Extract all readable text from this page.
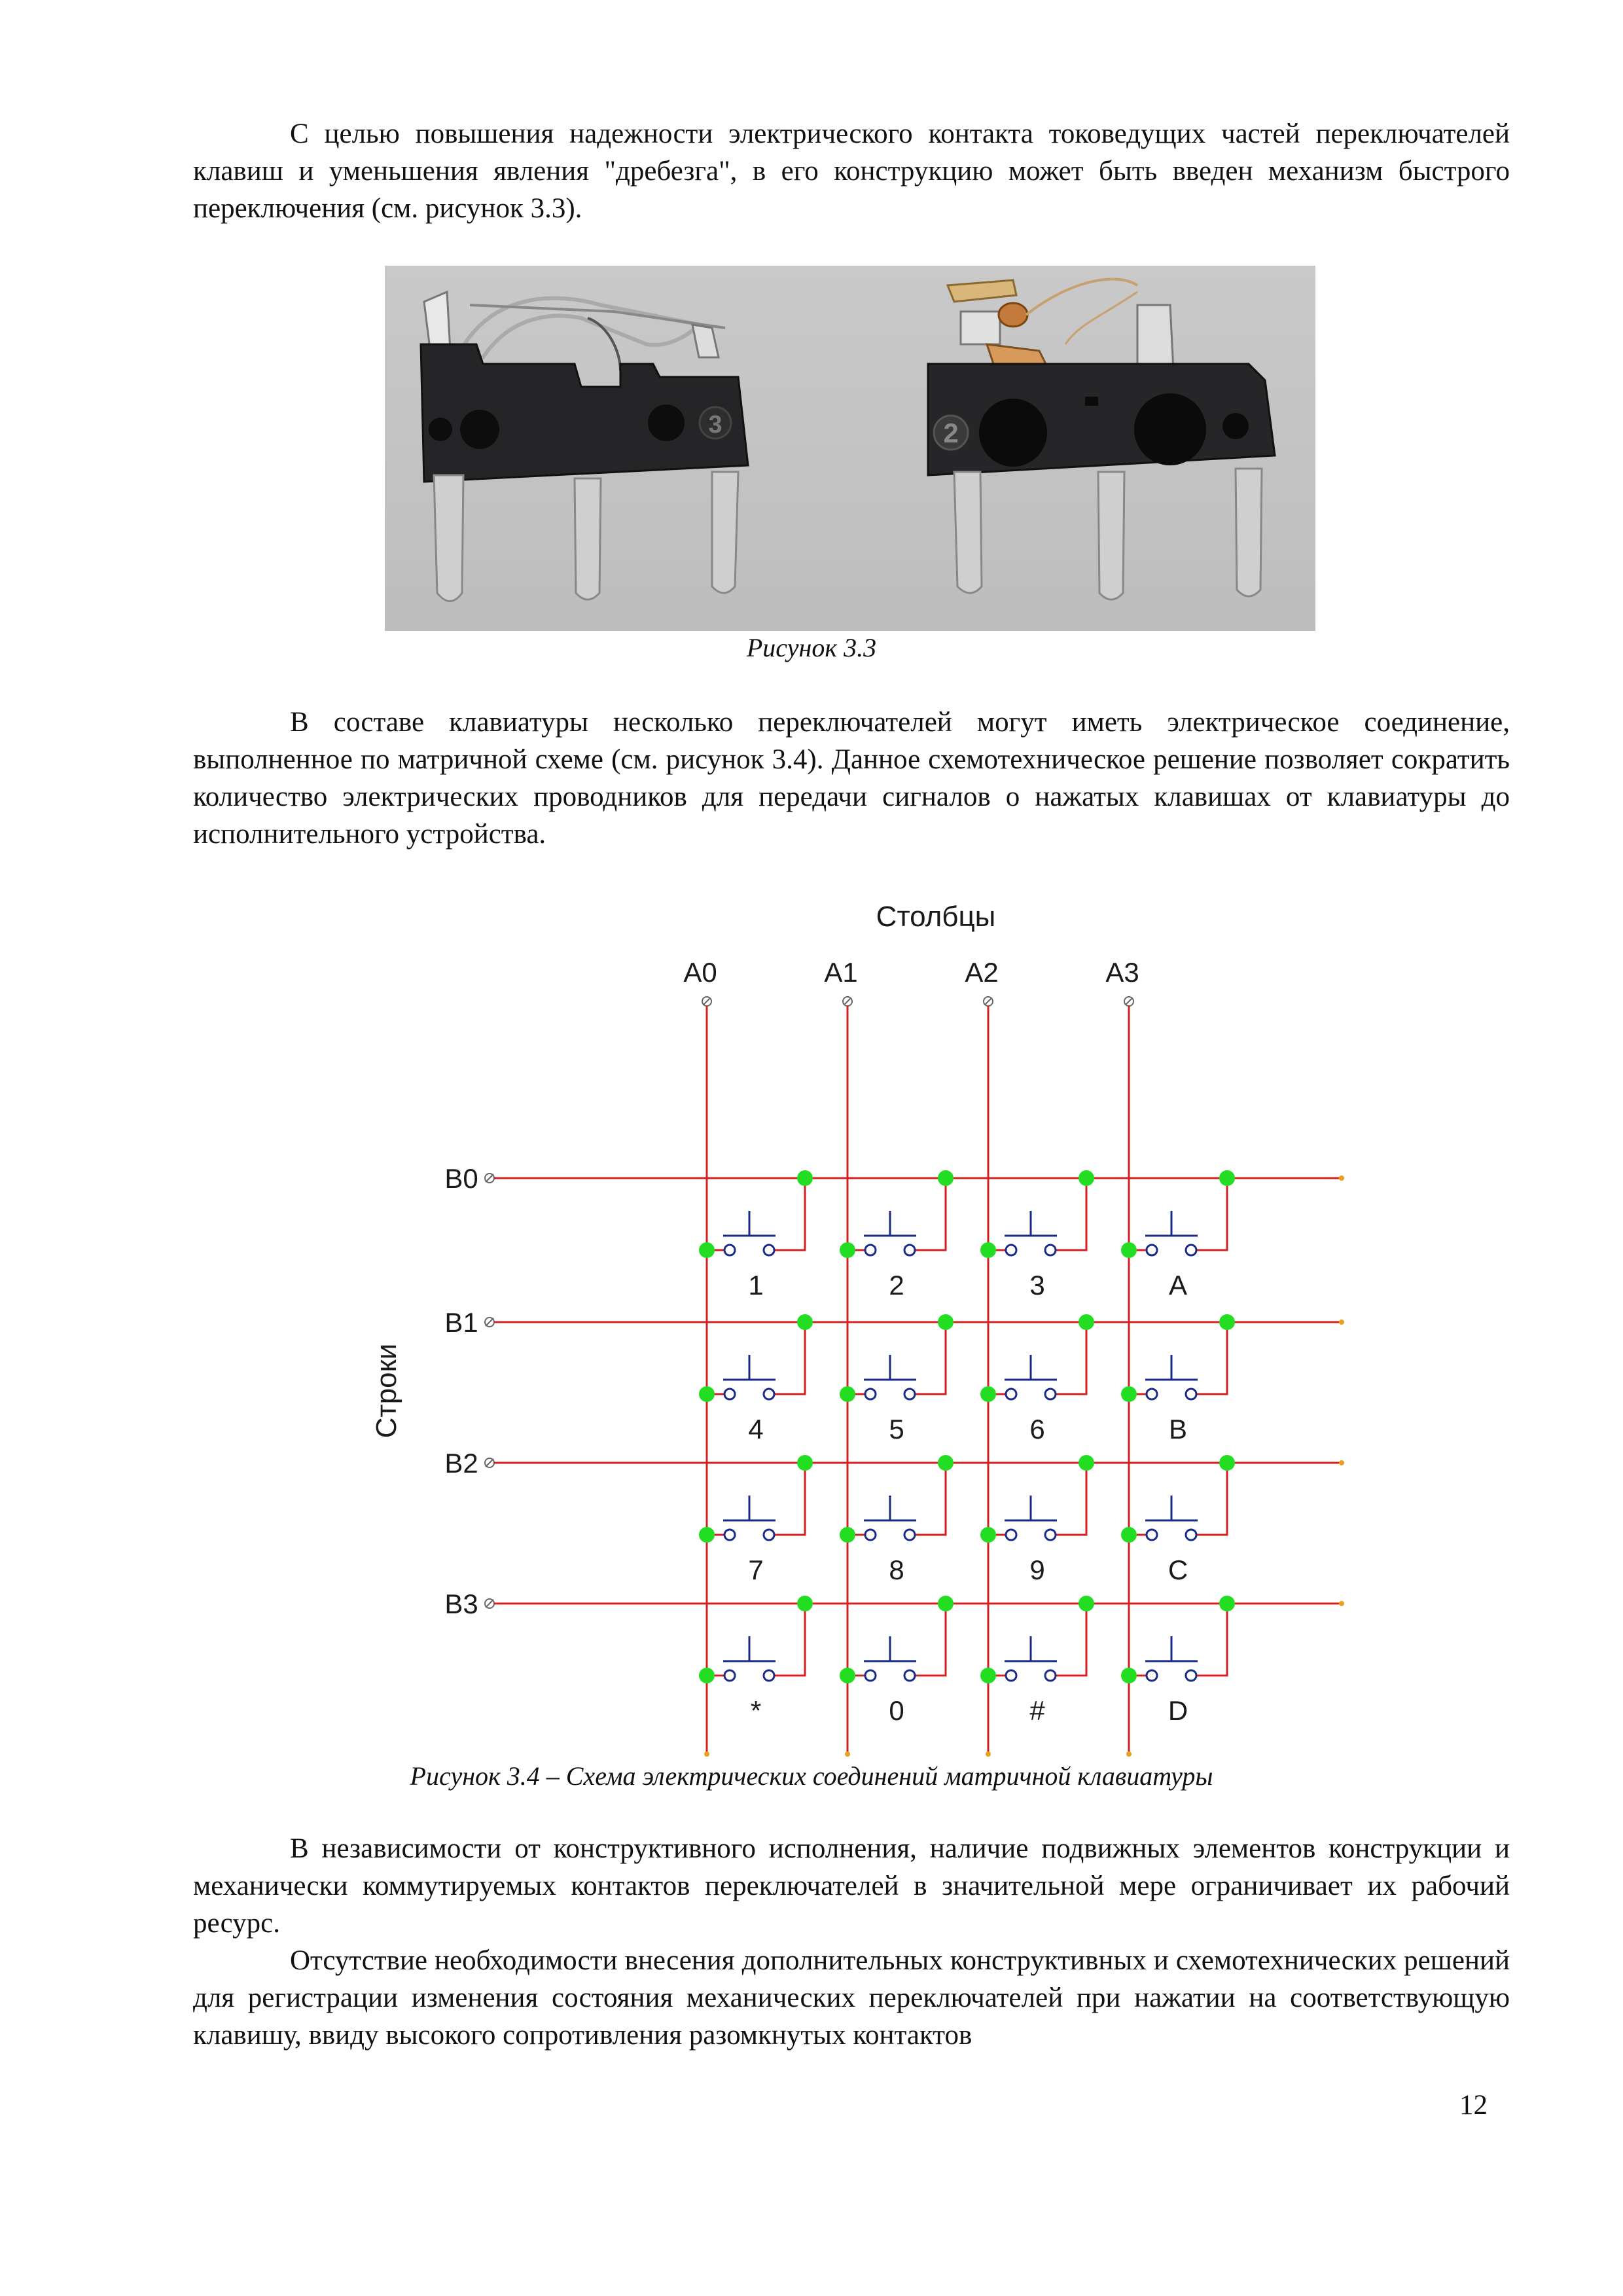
С целью повышения надежности электрического контакта токоведущих частей переключателей клавиш и уменьшения явления "дребезга", в его конструкцию может быть введен механизм быстрого переключения (см. рисунок 3.3).

3	2

Рисунок 3.3

В составе клавиатуры несколько переключателей могут иметь электрическое соединение, выполненное по матричной схеме (см. рисунок 3.4). Данное схемотехническое решение позволяет сократить количество электрических проводников для передачи сигналов о нажатых клавишах от клавиатуры до исполнительного устройства.

Столбцы
Строки
A0	A1	A2	A3
B0
B1
B2
B3
1	2	3	A
4	5	6	B
7	8	9	C
*	0	#	D

Рисунок 3.4 – Схема электрических соединений матричной клавиатуры

В независимости от конструктивного исполнения, наличие подвижных элементов конструкции и механически коммутируемых контактов переключателей в значительной мере ограничивает их рабочий ресурс.

Отсутствие необходимости внесения дополнительных конструктивных и схемотехнических решений для регистрации изменения состояния механических переключателей при нажатии на соответствующую клавишу, ввиду высокого сопротивления разомкнутых контактов

12
